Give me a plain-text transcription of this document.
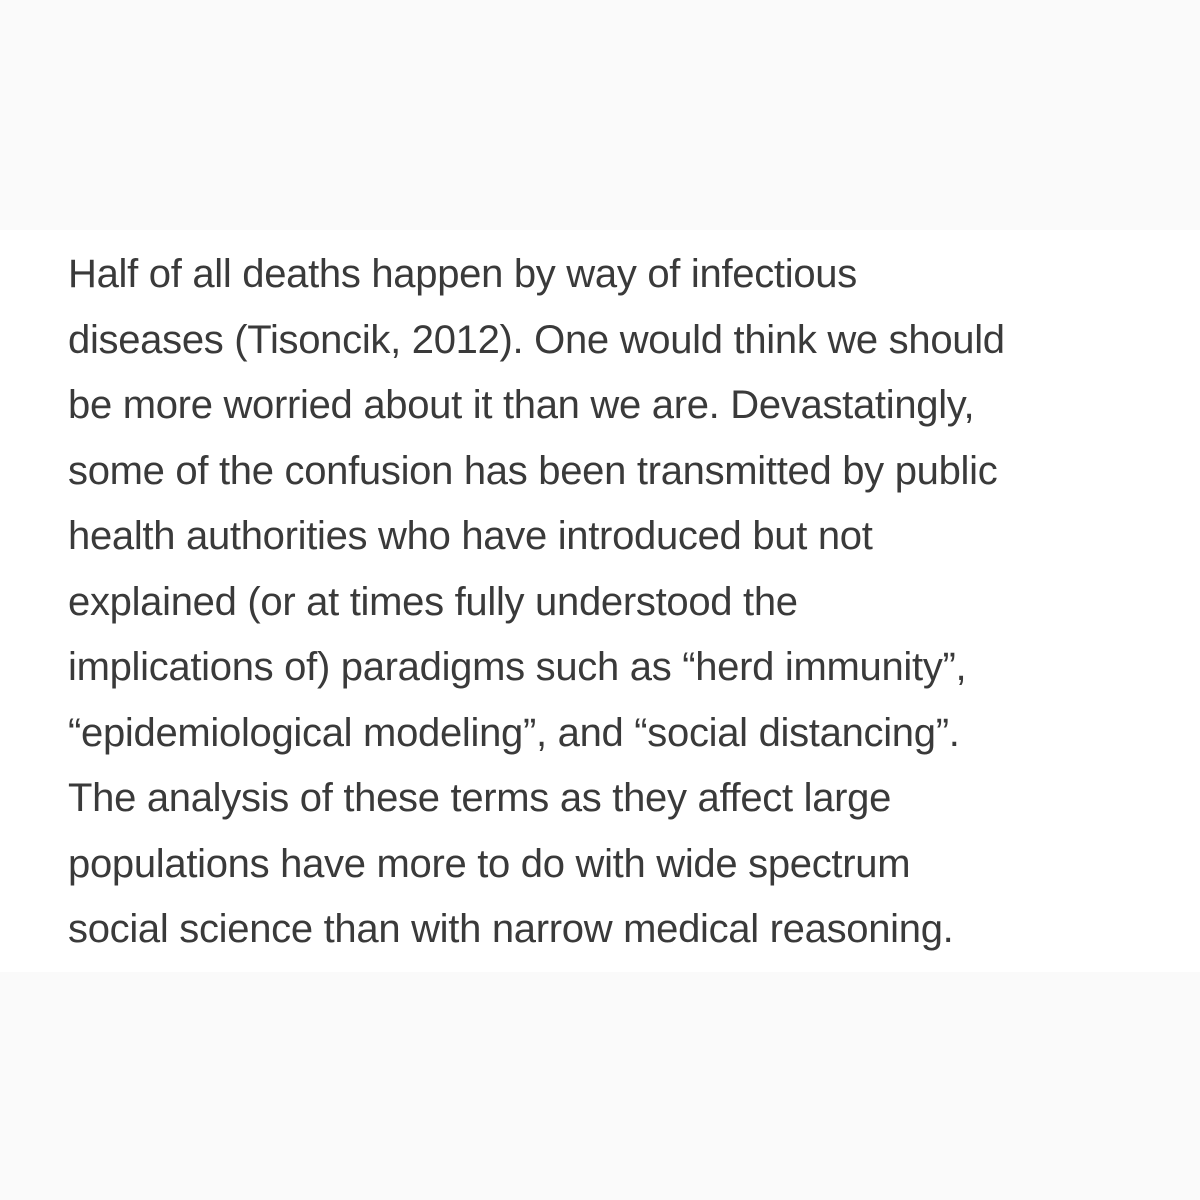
Half of all deaths happen by way of infectious
diseases (Tisoncik, 2012). One would think we should
be more worried about it than we are. Devastatingly,
some of the confusion has been transmitted by public
health authorities who have introduced but not
explained (or at times fully understood the
implications of) paradigms such as “herd immunity”,
“epidemiological modeling”, and “social distancing”.
The analysis of these terms as they affect large
populations have more to do with wide spectrum
social science than with narrow medical reasoning.
